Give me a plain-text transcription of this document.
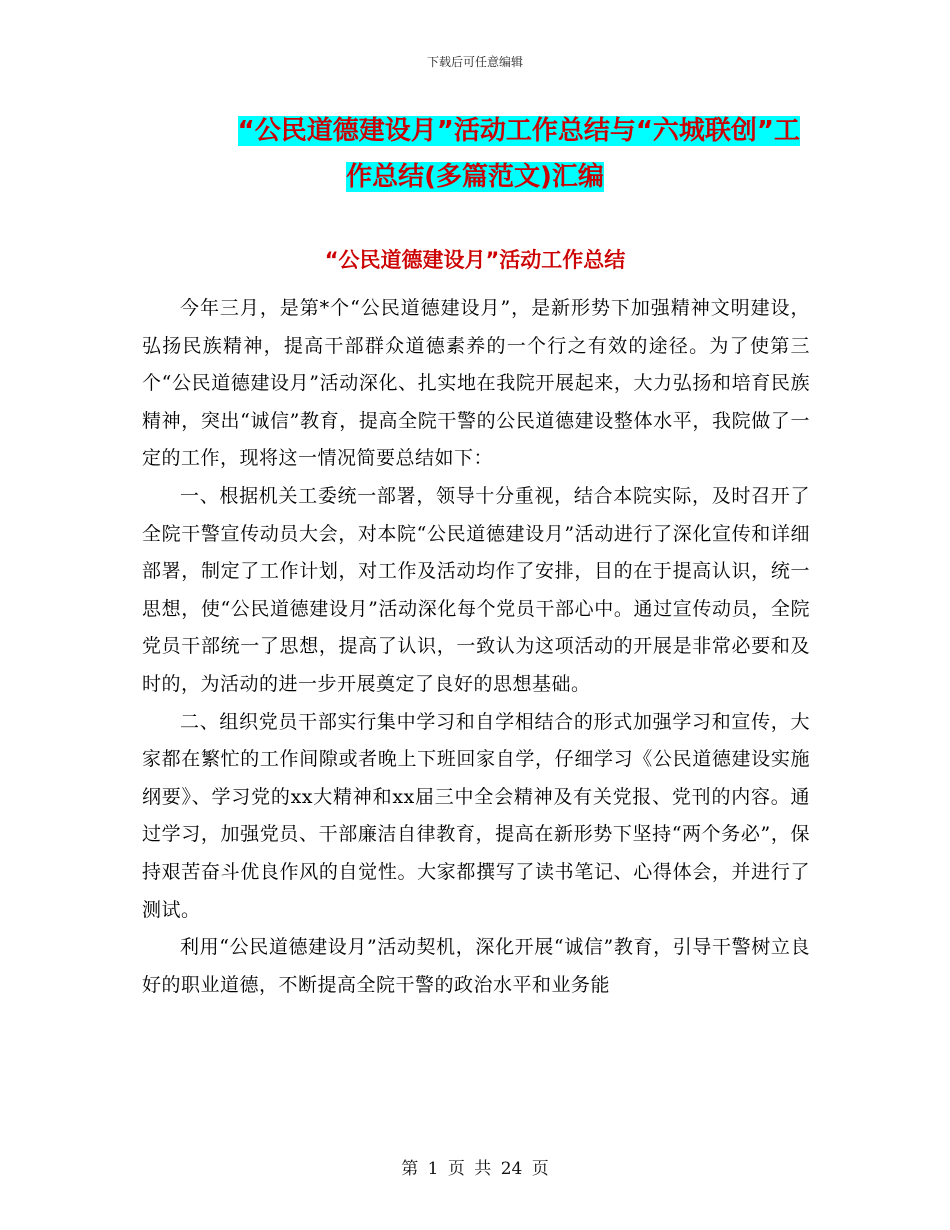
下载后可任意编辑
“公民道德建设月”活动工作总结与“六城联创”工
作总结(多篇范文)汇编
“公民道德建设月”活动工作总结

今年三月，是第*个“公民道德建设月”，是新形势下加强精神文明建设，弘扬民族精神，提高干部群众道德素养的一个行之有效的途径。为了使第三个“公民道德建设月”活动深化、扎实地在我院开展起来，大力弘扬和培育民族精神，突出“诚信”教育，提高全院干警的公民道德建设整体水平，我院做了一定的工作，现将这一情况简要总结如下：

一、根据机关工委统一部署，领导十分重视，结合本院实际，及时召开了全院干警宣传动员大会，对本院“公民道德建设月”活动进行了深化宣传和详细部署，制定了工作计划，对工作及活动均作了安排，目的在于提高认识，统一思想，使“公民道德建设月”活动深化每个党员干部心中。通过宣传动员，全院党员干部统一了思想，提高了认识，一致认为这项活动的开展是非常必要和及时的，为活动的进一步开展奠定了良好的思想基础。

二、组织党员干部实行集中学习和自学相结合的形式加强学习和宣传，大家都在繁忙的工作间隙或者晚上下班回家自学，仔细学习《公民道德建设实施纲要》、学习党的xx大精神和xx届三中全会精神及有关党报、党刊的内容。通过学习，加强党员、干部廉洁自律教育，提高在新形势下坚持“两个务必”，保持艰苦奋斗优良作风的自觉性。大家都撰写了读书笔记、心得体会，并进行了测试。

利用“公民道德建设月”活动契机，深化开展“诚信”教育，引导干警树立良好的职业道德，不断提高全院干警的政治水平和业务能

第 1 页 共 24 页
